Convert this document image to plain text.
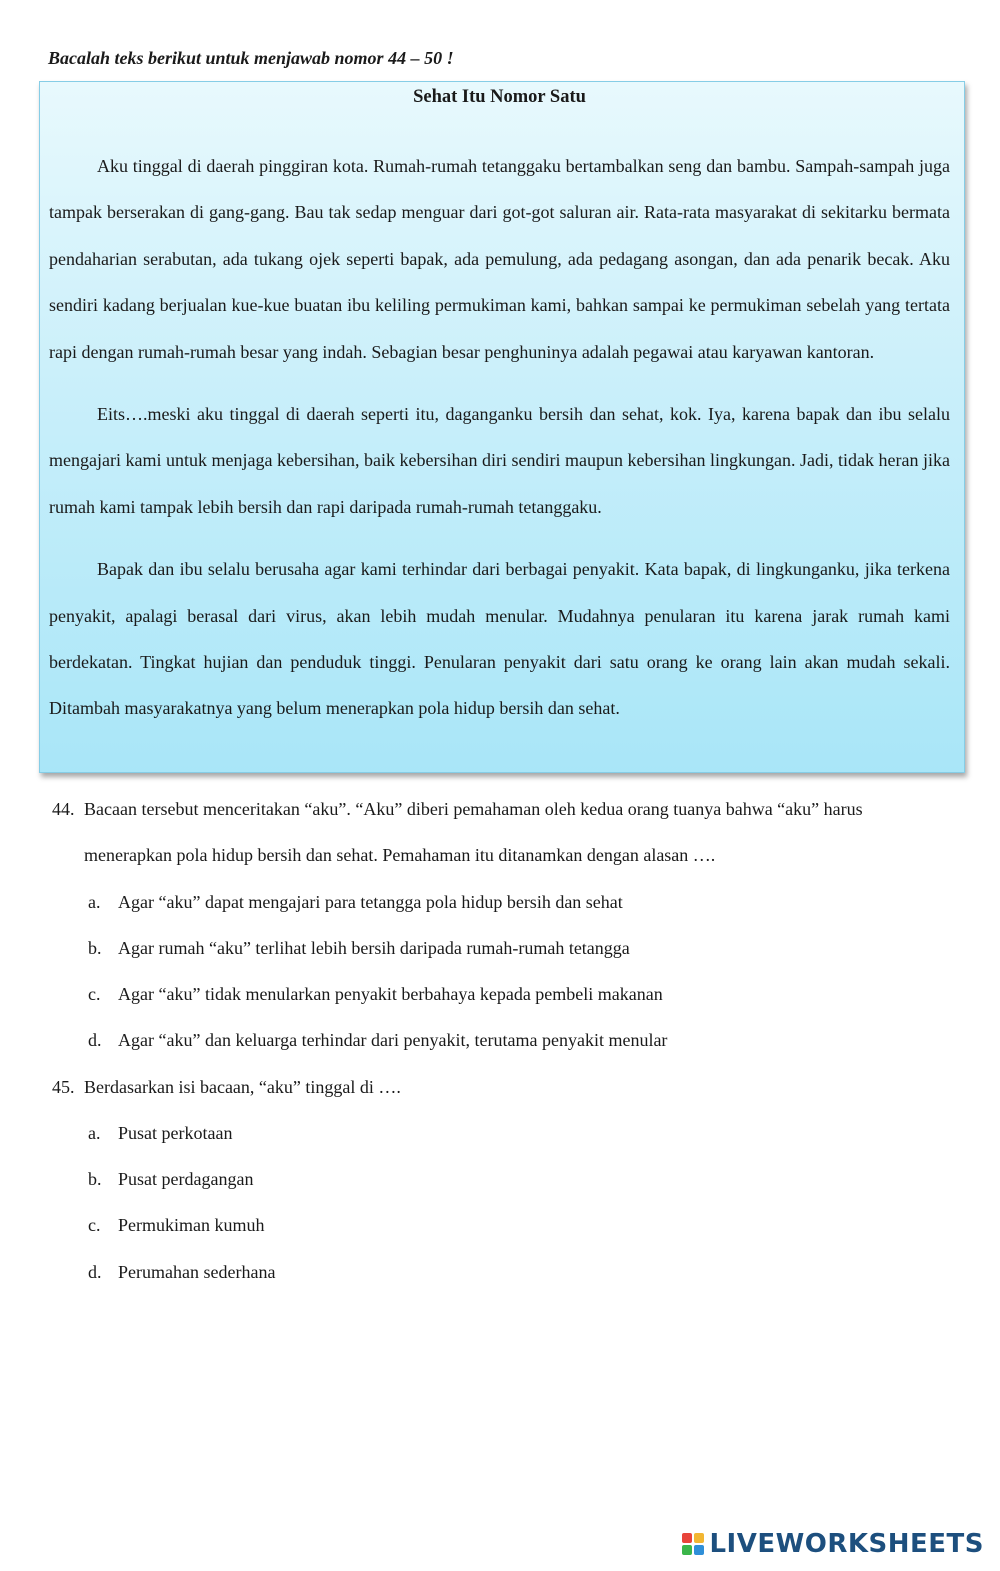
Bacalah teks berikut untuk menjawab nomor 44 – 50 !

Sehat Itu Nomor Satu

Aku tinggal di daerah pinggiran kota. Rumah-rumah tetanggaku bertambalkan seng dan bambu. Sampah-sampah juga tampak berserakan di gang-gang. Bau tak sedap menguar dari got-got saluran air. Rata-rata masyarakat di sekitarku bermata pendaharian serabutan, ada tukang ojek seperti bapak, ada pemulung, ada pedagang asongan, dan ada penarik becak. Aku sendiri kadang berjualan kue-kue buatan ibu keliling permukiman kami, bahkan sampai ke permukiman sebelah yang tertata rapi dengan rumah-rumah besar yang indah. Sebagian besar penghuninya adalah pegawai atau karyawan kantoran.

Eits….meski aku tinggal di daerah seperti itu, daganganku bersih dan sehat, kok. Iya, karena bapak dan ibu selalu mengajari kami untuk menjaga kebersihan, baik kebersihan diri sendiri maupun kebersihan lingkungan. Jadi, tidak heran jika rumah kami tampak lebih bersih dan rapi daripada rumah-rumah tetanggaku.

Bapak dan ibu selalu berusaha agar kami terhindar dari berbagai penyakit. Kata bapak, di lingkunganku, jika terkena penyakit, apalagi berasal dari virus, akan lebih mudah menular. Mudahnya penularan itu karena jarak rumah kami berdekatan. Tingkat hujian dan penduduk tinggi. Penularan penyakit dari satu orang ke orang lain akan mudah sekali. Ditambah masyarakatnya yang belum menerapkan pola hidup bersih dan sehat.

44. Bacaan tersebut menceritakan “aku”. “Aku” diberi pemahaman oleh kedua orang tuanya bahwa “aku” harus menerapkan pola hidup bersih dan sehat. Pemahaman itu ditanamkan dengan alasan ….
a. Agar “aku” dapat mengajari para tetangga pola hidup bersih dan sehat
b. Agar rumah “aku” terlihat lebih bersih daripada rumah-rumah tetangga
c. Agar “aku” tidak menularkan penyakit berbahaya kepada pembeli makanan
d. Agar “aku” dan keluarga terhindar dari penyakit, terutama penyakit menular
45. Berdasarkan isi bacaan, “aku” tinggal di ….
a. Pusat perkotaan
b. Pusat perdagangan
c. Permukiman kumuh
d. Perumahan sederhana
LIVEWORKSHEETS
